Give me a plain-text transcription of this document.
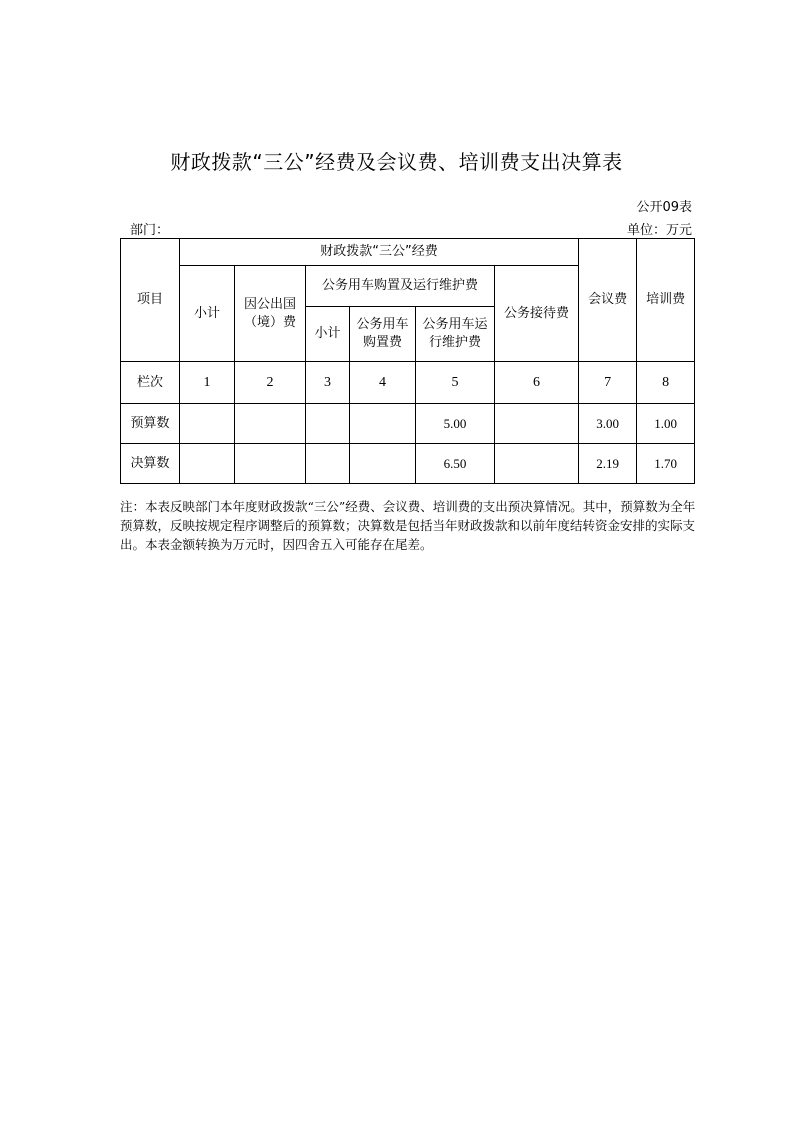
财政拨款“三公”经费及会议费、培训费支出决算表
公开09表
部门：	单位：万元
项目	财政拨款“三公”经费						会议费	培训费
	小计	因公出国（境）费	公务用车购置及运行维护费			公务接待费		
			小计	公务用车购置费	公务用车运行维护费			
栏次	1	2	3	4	5	6	7	8
预算数					5.00		3.00	1.00
决算数					6.50		2.19	1.70
注：本表反映部门本年度财政拨款“三公”经费、会议费、培训费的支出预决算情况。其中，预算数为全年预算数，反映按规定程序调整后的预算数；决算数是包括当年财政拨款和以前年度结转资金安排的实际支出。本表金额转换为万元时，因四舍五入可能存在尾差。
